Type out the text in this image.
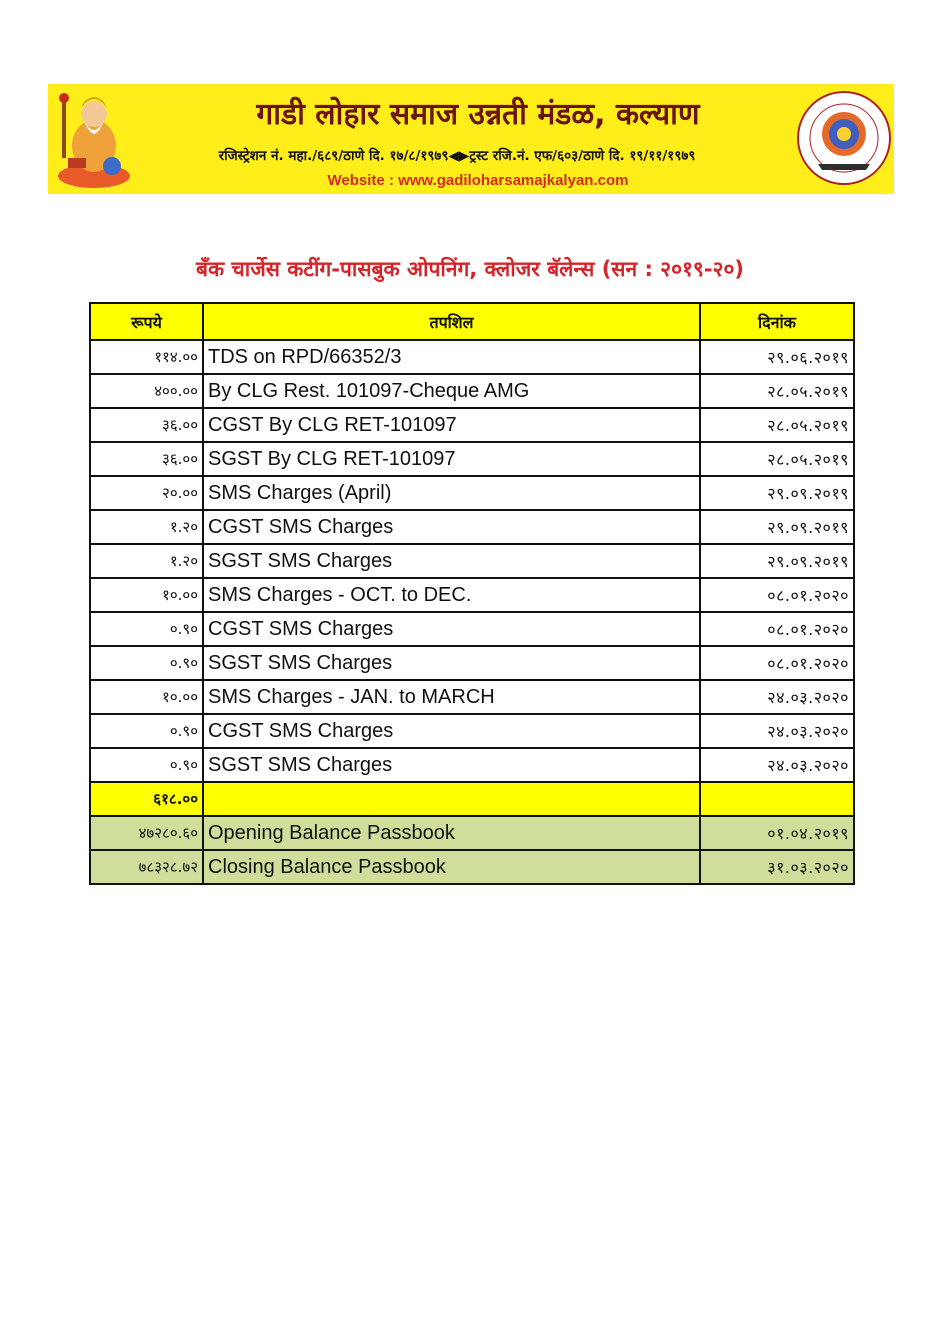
गाडी लोहार समाज उन्नती मंडळ, कल्याण
रजिस्ट्रेशन नं. महा./६८९/ठाणे दि. १७/८/१९७९◀▶ट्रस्ट रजि.नं. एफ/६०३/ठाणे दि. १९/११/१९७९
Website : www.gadiloharsamajkalyan.com
बँक चार्जेस कटींग-पासबुक ओपनिंग, क्लोजर बॅलेन्स (सन : २०१९-२०)
रूपये	तपशिल	दिनांक
११४.००	TDS on RPD/66352/3	२९.०६.२०१९
४००.००	By CLG Rest. 101097-Cheque AMG	२८.०५.२०१९
३६.००	CGST By CLG RET-101097	२८.०५.२०१९
३६.००	SGST By CLG RET-101097	२८.०५.२०१९
२०.००	SMS Charges (April)	२९.०९.२०१९
१.२०	CGST SMS Charges	२९.०९.२०१९
१.२०	SGST SMS Charges	२९.०९.२०१९
१०.००	SMS Charges - OCT. to DEC.	०८.०१.२०२०
०.९०	CGST SMS Charges	०८.०१.२०२०
०.९०	SGST SMS Charges	०८.०१.२०२०
१०.००	SMS Charges - JAN. to MARCH	२४.०३.२०२०
०.९०	CGST SMS Charges	२४.०३.२०२०
०.९०	SGST SMS Charges	२४.०३.२०२०
६१८.००		
४७२८०.६०	Opening Balance Passbook	०१.०४.२०१९
७८३२८.७२	Closing Balance Passbook	३१.०३.२०२०
